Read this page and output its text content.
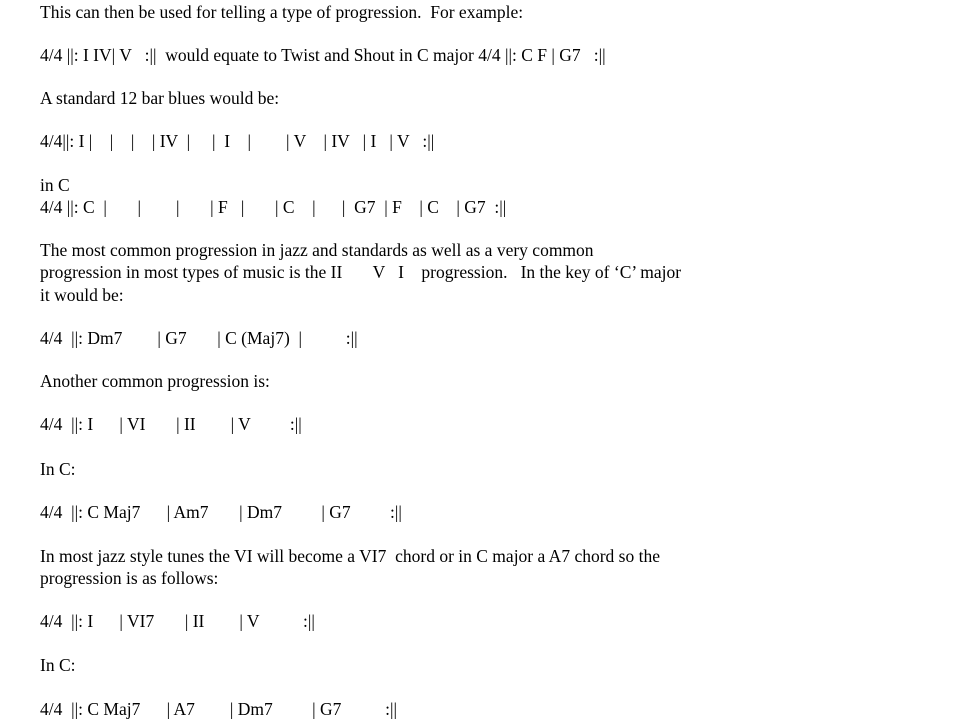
This can then be used for telling a type of progression.  For example:

4/4 ||: I IV| V   :||  would equate to Twist and Shout in C major 4/4 ||: C F | G7   :||

A standard 12 bar blues would be:

4/4||: I |    |    |    | IV  |     |  I    |        | V    | IV   | I   | V   :||

in C

4/4 ||: C  |       |        |       | F   |       | C    |      |  G7  | F    | C    | G7  :||

The most common progression in jazz and standards as well as a very common

progression in most types of music is the II       V   I    progression.   In the key of ‘C’ major

it would be:

4/4  ||: Dm7        | G7       | C (Maj7)  |          :||

Another common progression is:

4/4  ||: I      | VI       | II        | V         :||

In C:

4/4  ||: C Maj7      | Am7       | Dm7         | G7         :||

In most jazz style tunes the VI will become a VI7  chord or in C major a A7 chord so the

progression is as follows:

4/4  ||: I      | VI7       | II        | V          :||

In C:

4/4  ||: C Maj7      | A7        | Dm7         | G7          :||
